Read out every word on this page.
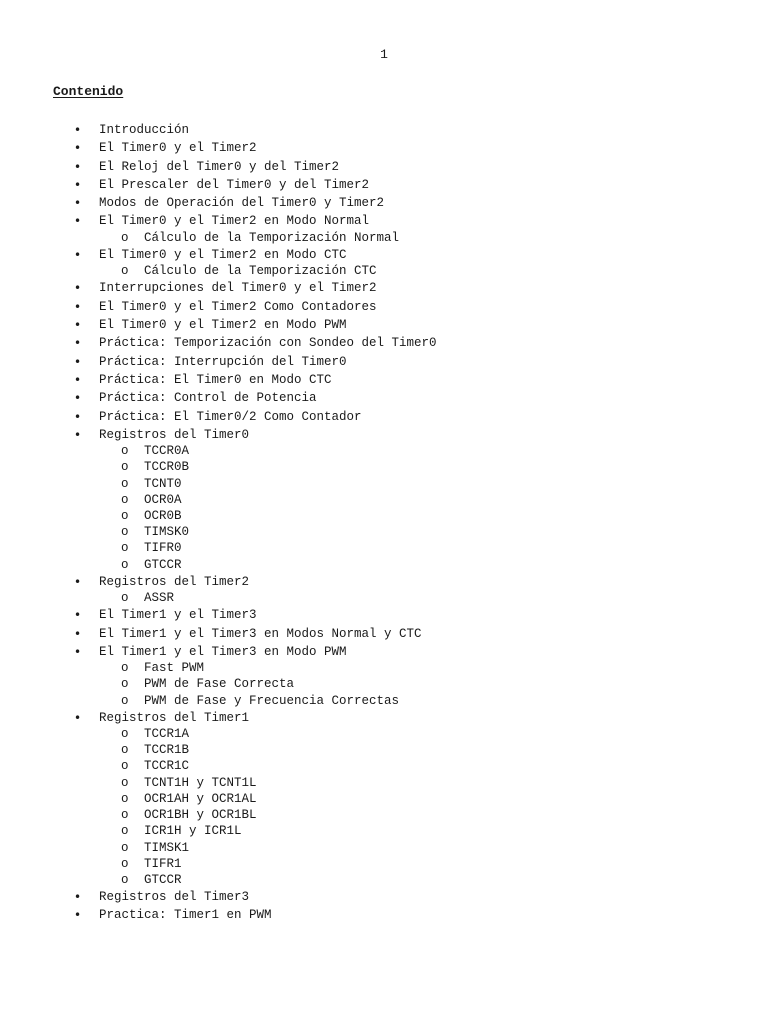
1
Contenido
• Introducción
• El Timer0 y el Timer2
• El Reloj del Timer0 y del Timer2
• El Prescaler del Timer0 y del Timer2
• Modos de Operación del Timer0 y Timer2
• El Timer0 y el Timer2 en Modo Normal
o Cálculo de la Temporización Normal
• El Timer0 y el Timer2 en Modo CTC
o Cálculo de la Temporización CTC
• Interrupciones del Timer0 y el Timer2
• El Timer0 y el Timer2 Como Contadores
• El Timer0 y el Timer2 en Modo PWM
• Práctica: Temporización con Sondeo del Timer0
• Práctica: Interrupción del Timer0
• Práctica: El Timer0 en Modo CTC
• Práctica: Control de Potencia
• Práctica: El Timer0/2 Como Contador
• Registros del Timer0
o TCCR0A
o TCCR0B
o TCNT0
o OCR0A
o OCR0B
o TIMSK0
o TIFR0
o GTCCR
• Registros del Timer2
o ASSR
• El Timer1 y el Timer3
• El Timer1 y el Timer3 en Modos Normal y CTC
• El Timer1 y el Timer3 en Modo PWM
o Fast PWM
o PWM de Fase Correcta
o PWM de Fase y Frecuencia Correctas
• Registros del Timer1
o TCCR1A
o TCCR1B
o TCCR1C
o TCNT1H y TCNT1L
o OCR1AH y OCR1AL
o OCR1BH y OCR1BL
o ICR1H y ICR1L
o TIMSK1
o TIFR1
o GTCCR
• Registros del Timer3
• Practica: Timer1 en PWM
